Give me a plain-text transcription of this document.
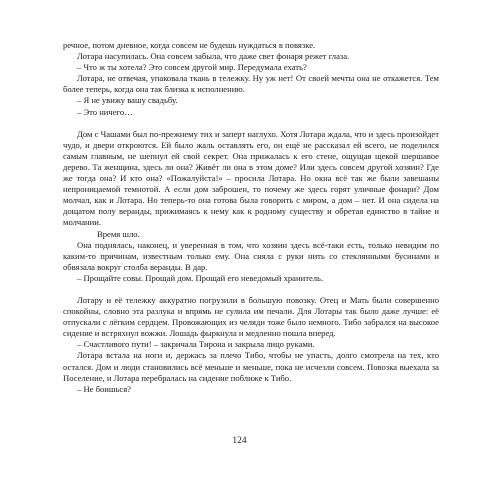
речное, потом дневное, когда совсем не будешь нуждаться в повязке.

Лотара насупилась. Она совсем забыла, что даже свет фонаря режет глаза.

– Что ж ты хотела? Это совсем другой мир. Передумала ехать?

Лотара, не отвечая, упаковала ткань в тележку. Ну уж нет! От своей мечты она не откажется. Тем более теперь, когда она так близка к исполнению.

– Я не увижу вашу свадьбу.

– Это ничего…

Дом с Чашами был по-прежнему тих и заперт наглухо. Хотя Лотара ждала, что и здесь произойдет чудо, и двери откроются. Ей было жаль оставлять его, он ещё не рассказал ей всего, не поделился самым главным, не шепнул ей свой секрет. Она прижалась к его стене, ощущая щекой шершавое дерево. Та женщина, здесь ли она? Живёт ли она в этом доме? Или здесь совсем другой хозяин? Где же тогда она? И кто она? «Пожалуйста!» – просила Лотара. Но окна всё так же были завешаны непроницаемой темнотой. А если дом заброшен, то почему же здесь горят уличные фонари? Дом молчал, как и Лотара. Но теперь-то она готова была говорить с миром, а дом – нет. И она сидела на дощатом полу веранды, прижимаясь к нему как к родному существу и обретая единство в тайне и молчании.

Время шло.

Она поднялась, наконец, и уверенная в том, что хозяин здесь всё-таки есть, только невидим по каким-то причинам, известным только ему. Она сняла с руки нить со стеклянными бусинами и обвязала вокруг столба веранды. В дар.

– Прощайте совы. Прощай дом. Прощай его неведомый хранитель.

Лотару и её тележку аккуратно погрузили в большую повозку. Отец и Мать были совершенно спокойны, словно эта разлука и впрямь не сулила им печали. Для Лотары так было даже лучше: её отпускали с лёгким сердцем. Провожающих из челяди тоже было немного. Тибо забрался на высокое сидение и встряхнул вожжи. Лошадь фыркнула и медленно пошла вперед.

– Счастливого пути! – закричала Тирона и закрыла лицо руками.

Лотара встала на ноги и, держась за плечо Тибо, чтобы не упасть, долго смотрела на тех, кто остался. Дом и люди становились всё меньше и меньше, пока не исчезли совсем. Повозка выехала за Поселение, и Лотара перебралась на сидение поближе к Тибо.

– Не боишься?

124
